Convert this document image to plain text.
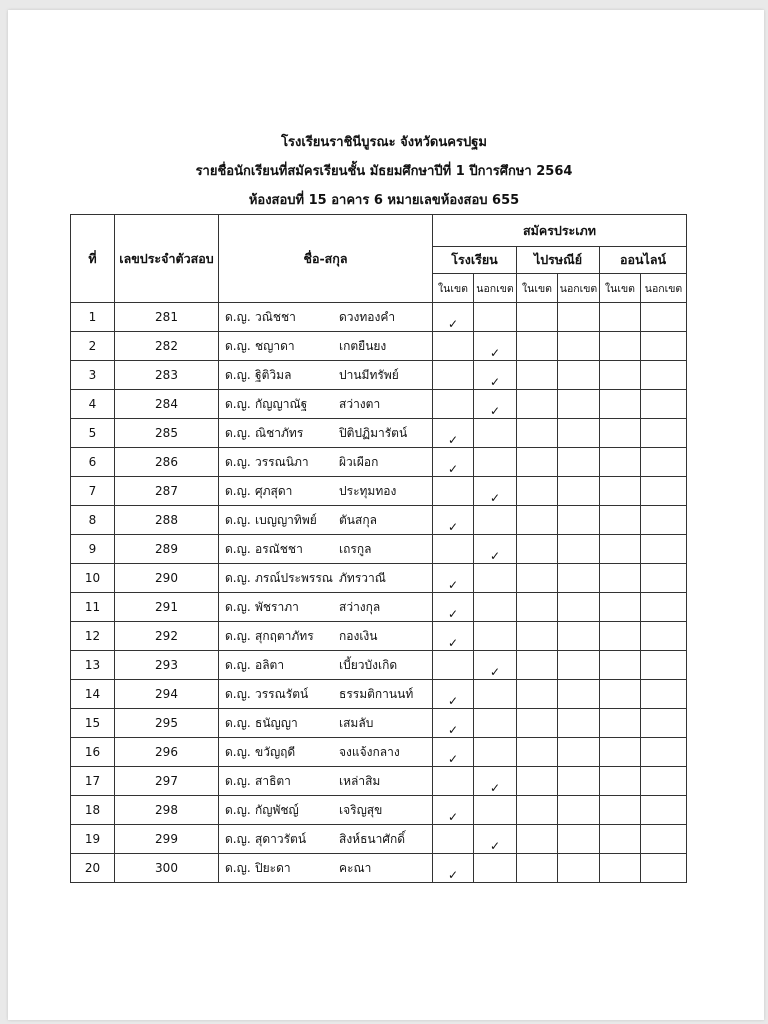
โรงเรียนราชินีบูรณะ จังหวัดนครปฐม
รายชื่อนักเรียนที่สมัครเรียนชั้น มัธยมศึกษาปีที่ 1 ปีการศึกษา 2564
ห้องสอบที่ 15 อาคาร 6 หมายเลขห้องสอบ 655
ที่	เลขประจำตัวสอบ	ชื่อ-สกุล	สมัครประเภท					
			โรงเรียน		ไปรษณีย์		ออนไลน์	
			ในเขต	นอกเขต	ในเขต	นอกเขต	ในเขต	นอกเขต
1	281	ด.ญ. วณิชชา ดวงทองคำ	✓					
2	282	ด.ญ. ชญาดา เกตยืนยง		✓				
3	283	ด.ญ. ฐิติวิมล ปานมีทรัพย์		✓				
4	284	ด.ญ. กัญญาณัฐ สว่างตา		✓				
5	285	ด.ญ. ณิชาภัทร ปิติปฏิมารัตน์	✓					
6	286	ด.ญ. วรรณนิภา ผิวเผือก	✓					
7	287	ด.ญ. ศุภสุดา ประทุมทอง		✓				
8	288	ด.ญ. เบญญาทิพย์ ตันสกุล	✓					
9	289	ด.ญ. อรณัชชา เถรกูล		✓				
10	290	ด.ญ. ภรณ์ประพรรณ ภัทรวาณี	✓					
11	291	ด.ญ. พัชราภา สว่างกุล	✓					
12	292	ด.ญ. สุกฤตาภัทร กองเงิน	✓					
13	293	ด.ญ. อลิตา เบี้ยวบังเกิด		✓				
14	294	ด.ญ. วรรณรัตน์ ธรรมติกานนท์	✓					
15	295	ด.ญ. ธนัญญา เสมลับ	✓					
16	296	ด.ญ. ขวัญฤดี จงแจ้งกลาง	✓					
17	297	ด.ญ. สาธิตา เหล่าสิม		✓				
18	298	ด.ญ. กัญพัชญ์ เจริญสุข	✓					
19	299	ด.ญ. สุดาวรัตน์ สิงห์ธนาศักดิ์		✓				
20	300	ด.ญ. ปิยะดา คะณา	✓					
